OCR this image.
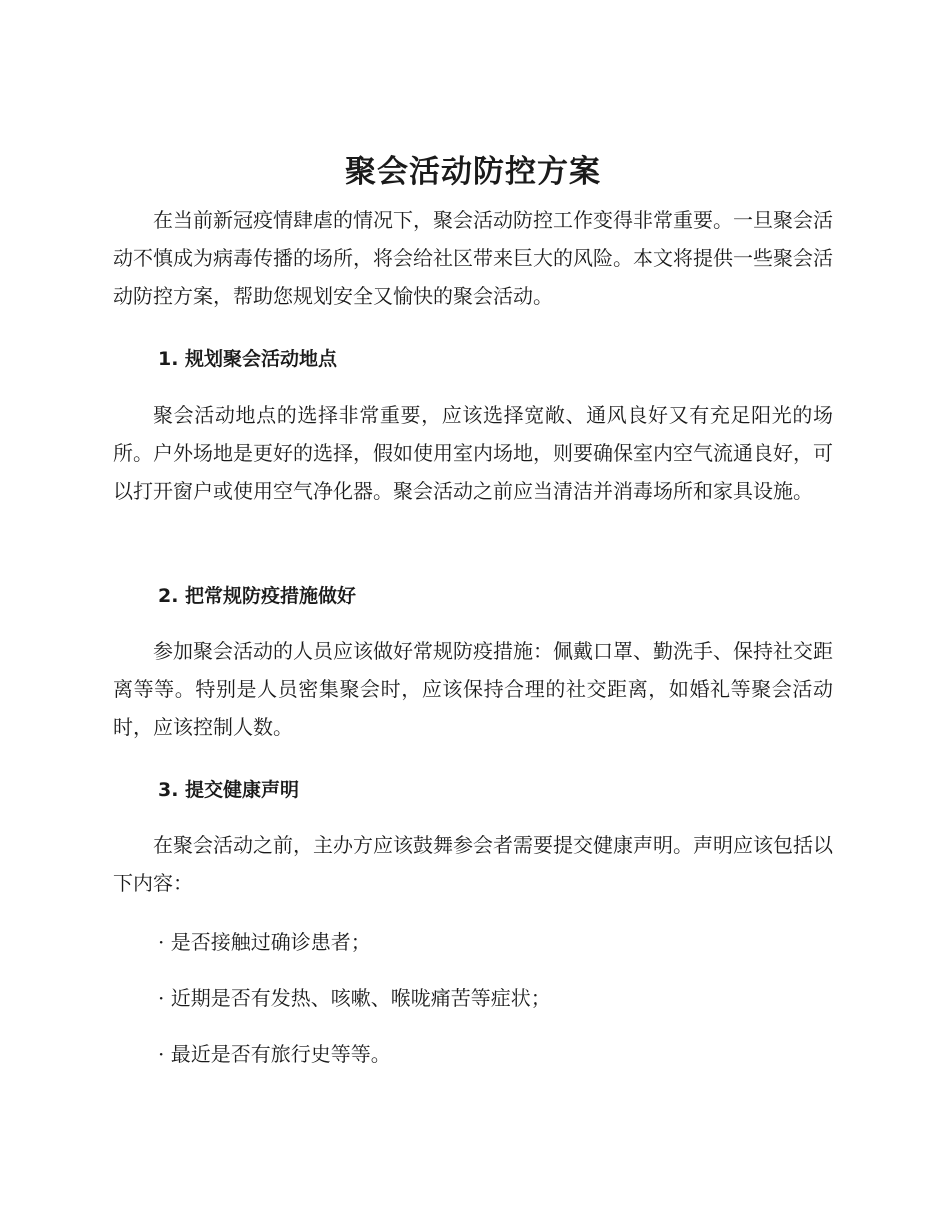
聚会活动防控方案

在当前新冠疫情肆虐的情况下，聚会活动防控工作变得非常重要。一旦聚会活动不慎成为病毒传播的场所，将会给社区带来巨大的风险。本文将提供一些聚会活动防控方案，帮助您规划安全又愉快的聚会活动。

1. 规划聚会活动地点

聚会活动地点的选择非常重要，应该选择宽敞、通风良好又有充足阳光的场所。户外场地是更好的选择，假如使用室内场地，则要确保室内空气流通良好，可以打开窗户或使用空气净化器。聚会活动之前应当清洁并消毒场所和家具设施。

2. 把常规防疫措施做好

参加聚会活动的人员应该做好常规防疫措施：佩戴口罩、勤洗手、保持社交距离等等。特别是人员密集聚会时，应该保持合理的社交距离，如婚礼等聚会活动时，应该控制人数。

3. 提交健康声明

在聚会活动之前，主办方应该鼓舞参会者需要提交健康声明。声明应该包括以下内容：

· 是否接触过确诊患者；

· 近期是否有发热、咳嗽、喉咙痛苦等症状；

· 最近是否有旅行史等等。
